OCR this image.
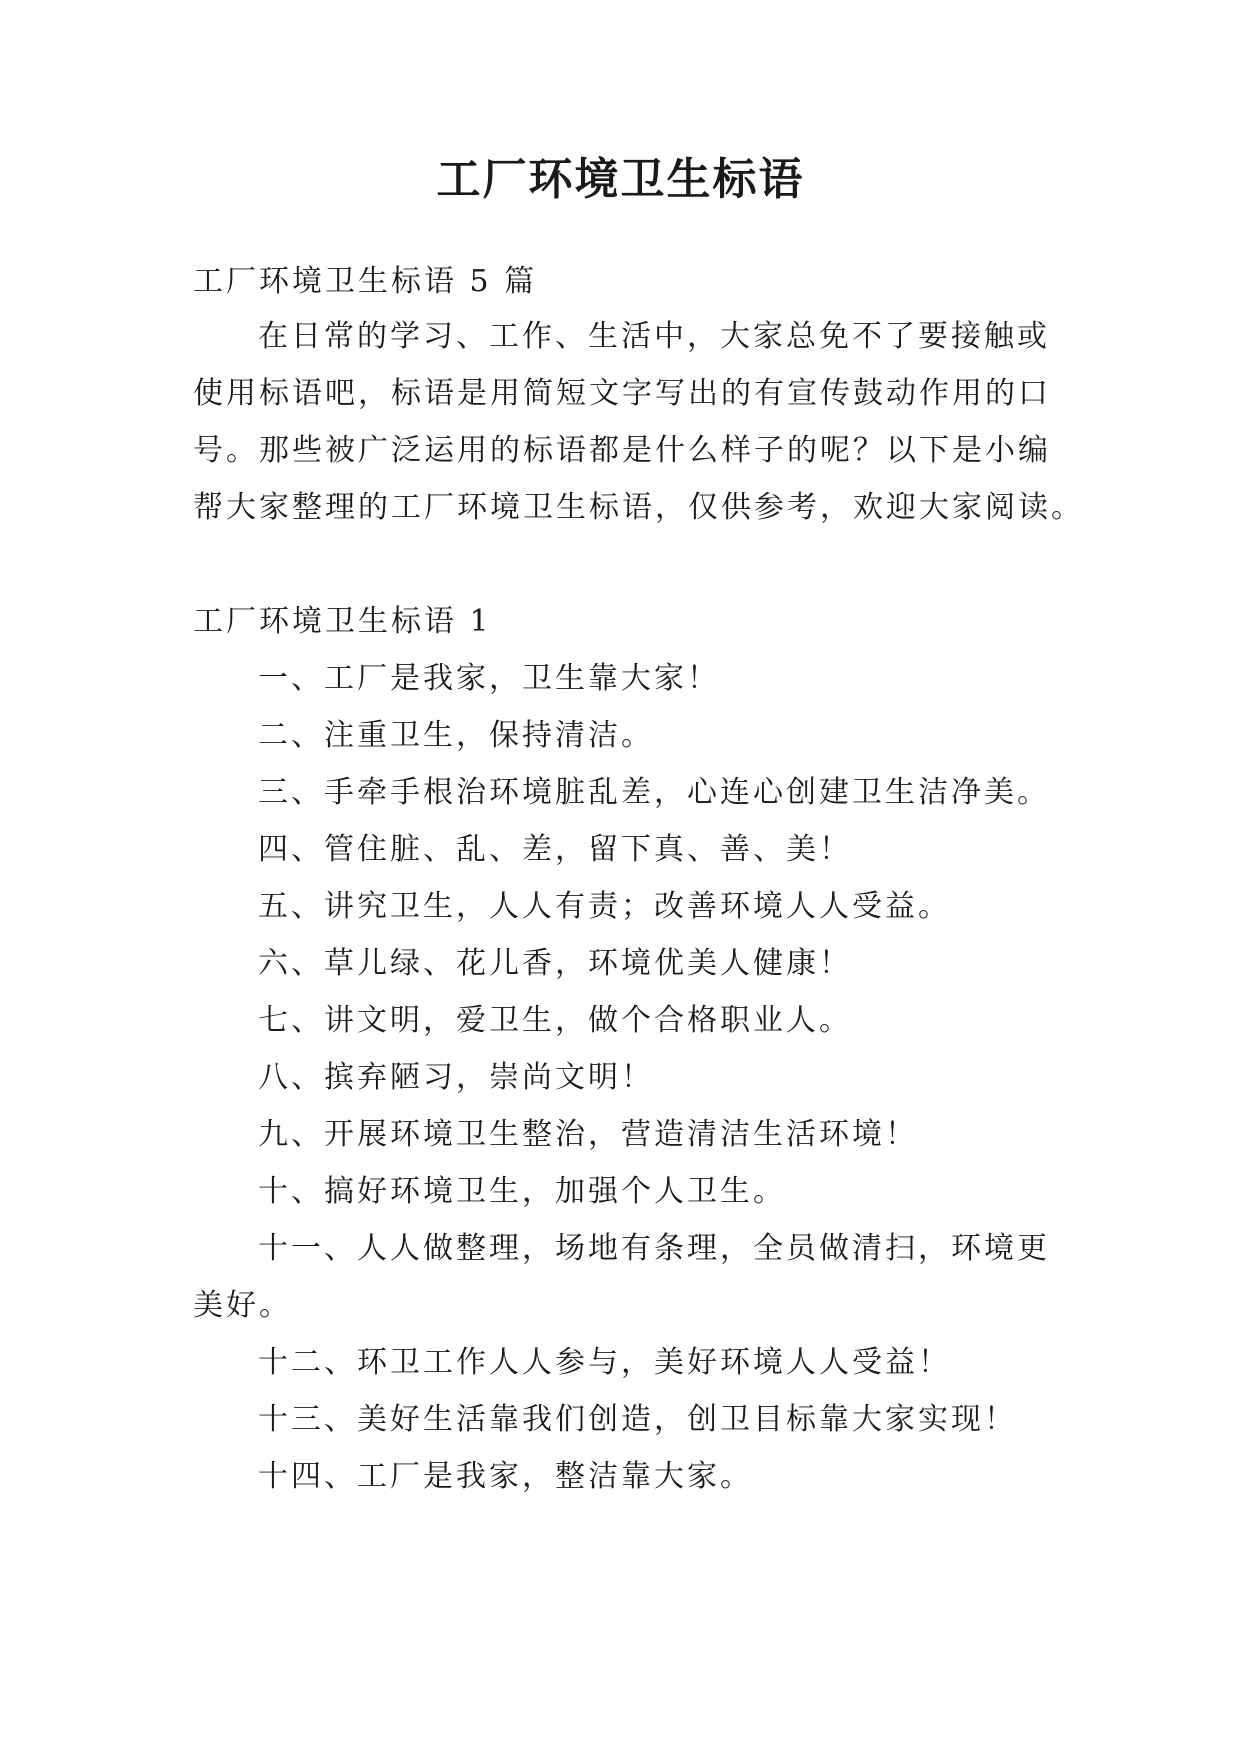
工厂环境卫生标语
工厂环境卫生标语 5 篇
在日常的学习、工作、生活中，大家总免不了要接触或
使用标语吧，标语是用简短文字写出的有宣传鼓动作用的口
号。那些被广泛运用的标语都是什么样子的呢？以下是小编
帮大家整理的工厂环境卫生标语，仅供参考，欢迎大家阅读。
工厂环境卫生标语 1
一、工厂是我家，卫生靠大家！
二、注重卫生，保持清洁。
三、手牵手根治环境脏乱差，心连心创建卫生洁净美。
四、管住脏、乱、差，留下真、善、美！
五、讲究卫生，人人有责；改善环境人人受益。
六、草儿绿、花儿香，环境优美人健康！
七、讲文明，爱卫生，做个合格职业人。
八、摈弃陋习，崇尚文明！
九、开展环境卫生整治，营造清洁生活环境！
十、搞好环境卫生，加强个人卫生。
十一、人人做整理，场地有条理，全员做清扫，环境更
美好。
十二、环卫工作人人参与，美好环境人人受益！
十三、美好生活靠我们创造，创卫目标靠大家实现！
十四、工厂是我家，整洁靠大家。
